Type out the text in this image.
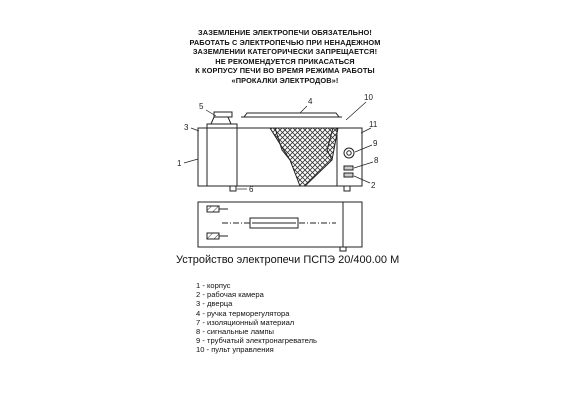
ЗАЗЕМЛЕНИЕ ЭЛЕКТРОПЕЧИ ОБЯЗАТЕЛЬНО!
РАБОТАТЬ С ЭЛЕКТРОПЕЧЬЮ ПРИ НЕНАДЕЖНОМ
ЗАЗЕМЛЕНИИ КАТЕГОРИЧЕСКИ ЗАПРЕЩАЕТСЯ!
НЕ РЕКОМЕНДУЕТСЯ ПРИКАСАТЬСЯ
К КОРПУСУ ПЕЧИ ВО ВРЕМЯ РЕЖИМА РАБОТЫ
«ПРОКАЛКИ ЭЛЕКТРОДОВ»!
5
4	10
11
3
9
1	8
6	2
Устройство электропечи ПСПЭ 20/400.00 М
1 - корпус
2 - рабочая камера
3 - дверца
4 - ручка терморегулятора
7 - изоляционный материал
8 - сигнальные лампы
9 - трубчатый электронагреватель
10 - пульт управления
